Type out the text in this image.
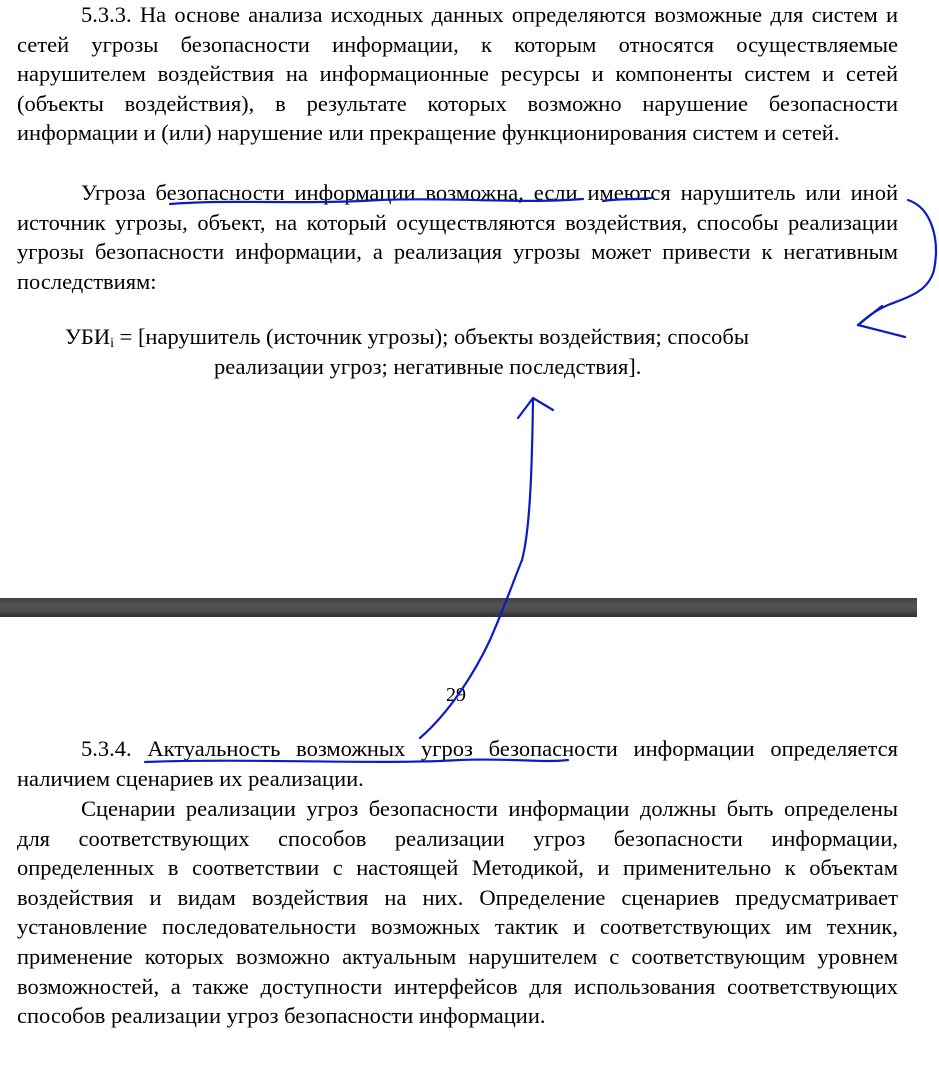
5.3.3. На основе анализа исходных данных определяются возможные для систем и сетей угрозы безопасности информации, к которым относятся осуществляемые нарушителем воздействия на информационные ресурсы и компоненты систем и сетей (объекты воздействия), в результате которых возможно нарушение безопасности информации и (или) нарушение или прекращение функционирования систем и сетей.

Угроза безопасности информации возможна, если имеются нарушитель или иной источник угрозы, объект, на который осуществляются воздействия, способы реализации угрозы безопасности информации, а реализация угрозы может привести к негативным последствиям:

$УБИ_i$ = [нарушитель (источник угрозы); объекты воздействия; способы

реализации угроз; негативные последствия].

5.3.4. Актуальность возможных угроз безопасности информации определяется наличием сценариев их реализации.

Сценарии реализации угроз безопасности информации должны быть определены для соответствующих способов реализации угроз безопасности информации, определенных в соответствии с настоящей Методикой, и применительно к объектам воздействия и видам воздействия на них. Определение сценариев предусматривает установление последовательности возможных тактик и соответствующих им техник, применение которых возможно актуальным нарушителем с соответствующим уровнем возможностей, а также доступности интерфейсов для использования соответствующих способов реализации угроз безопасности информации.

29
